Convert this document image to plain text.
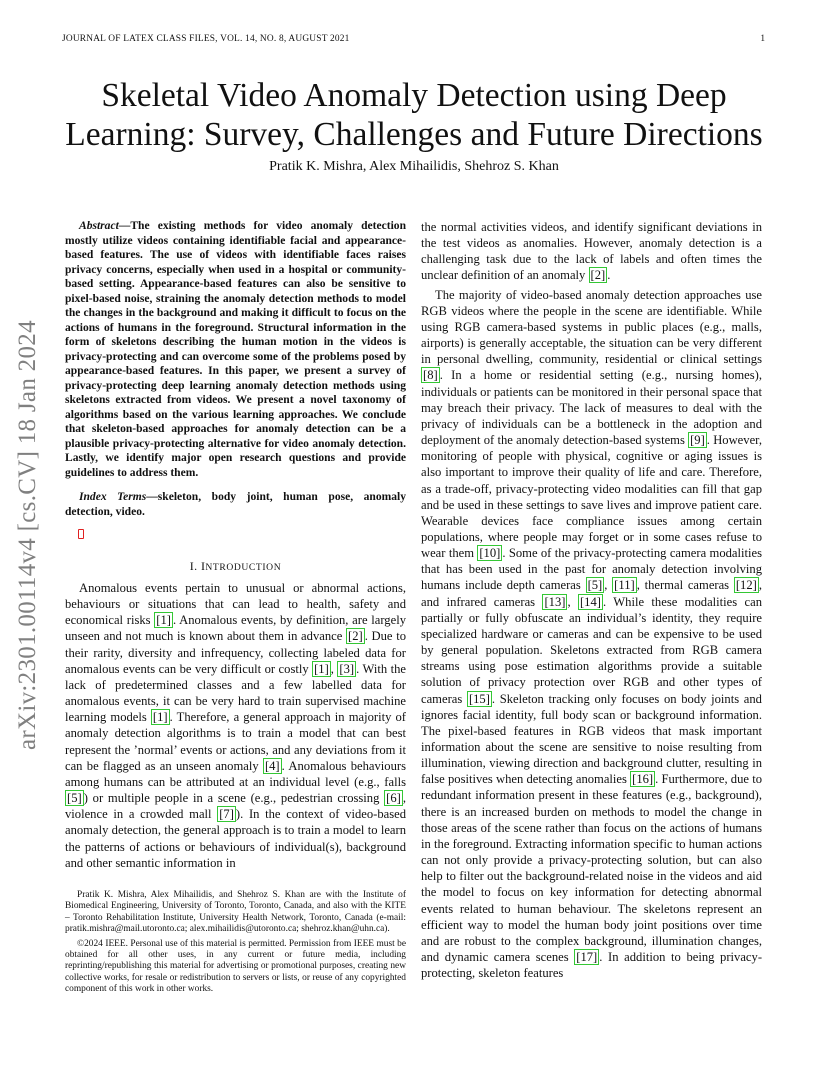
JOURNAL OF LATEX CLASS FILES, VOL. 14, NO. 8, AUGUST 2021	1
arXiv:2301.00114v4 [cs.CV] 18 Jan 2024
Skeletal Video Anomaly Detection using Deep
Learning: Survey, Challenges and Future Directions
Pratik K. Mishra, Alex Mihailidis, Shehroz S. Khan

Abstract—The existing methods for video anomaly detection mostly utilize videos containing identifiable facial and appearance-based features. The use of videos with identifiable faces raises privacy concerns, especially when used in a hospital or community-based setting. Appearance-based features can also be sensitive to pixel-based noise, straining the anomaly detection methods to model the changes in the background and making it difficult to focus on the actions of humans in the foreground. Structural information in the form of skeletons describing the human motion in the videos is privacy-protecting and can overcome some of the problems posed by appearance-based features. In this paper, we present a survey of privacy-protecting deep learning anomaly detection methods using skeletons extracted from videos. We present a novel taxonomy of algorithms based on the various learning approaches. We conclude that skeleton-based approaches for anomaly detection can be a plausible privacy-protecting alternative for video anomaly detection. Lastly, we identify major open research questions and provide guidelines to address them.

Index Terms—skeleton, body joint, human pose, anomaly detection, video.

I. INTRODUCTION

Anomalous events pertain to unusual or abnormal actions, behaviours or situations that can lead to health, safety and economical risks [1] . Anomalous events, by definition, are largely unseen and not much is known about them in advance [2] . Due to their rarity, diversity and infrequency, collecting labeled data for anomalous events can be very difficult or costly [1] , [3] . With the lack of predetermined classes and a few labelled data for anomalous events, it can be very hard to train supervised machine learning models [1] . Therefore, a general approach in majority of anomaly detection algorithms is to train a model that can best represent the ’normal’ events or actions, and any deviations from it can be flagged as an unseen anomaly [4] . Anomalous behaviours among humans can be attributed at an individual level (e.g., falls [5] ) or multiple people in a scene (e.g., pedestrian crossing [6] , violence in a crowded mall [7] ). In the context of video-based anomaly detection, the general approach is to train a model to learn the patterns of actions or behaviours of individual(s), background and other semantic information in

the normal activities videos, and identify significant deviations in the test videos as anomalies. However, anomaly detection is a challenging task due to the lack of labels and often times the unclear definition of an anomaly [2] .

The majority of video-based anomaly detection approaches use RGB videos where the people in the scene are identifiable. While using RGB camera-based systems in public places (e.g., malls, airports) is generally acceptable, the situation can be very different in personal dwelling, community, residential or clinical settings [8] . In a home or residential setting (e.g., nursing homes), individuals or patients can be monitored in their personal space that may breach their privacy. The lack of measures to deal with the privacy of individuals can be a bottleneck in the adoption and deployment of the anomaly detection-based systems [9] . However, monitoring of people with physical, cognitive or aging issues is also important to improve their quality of life and care. Therefore, as a trade-off, privacy-protecting video modalities can fill that gap and be used in these settings to save lives and improve patient care. Wearable devices face compliance issues among certain populations, where people may forget or in some cases refuse to wear them [10] . Some of the privacy-protecting camera modalities that has been used in the past for anomaly detection involving humans include depth cameras [5] , [11] , thermal cameras [12] , and infrared cameras [13] , [14] . While these modalities can partially or fully obfuscate an individual’s identity, they require specialized hardware or cameras and can be expensive to be used by general population. Skeletons extracted from RGB camera streams using pose estimation algorithms provide a suitable solution of privacy protection over RGB and other types of cameras [15] . Skeleton tracking only focuses on body joints and ignores facial identity, full body scan or background information. The pixel-based features in RGB videos that mask important information about the scene are sensitive to noise resulting from illumination, viewing direction and background clutter, resulting in false positives when detecting anomalies [16] . Furthermore, due to redundant information present in these features (e.g., background), there is an increased burden on methods to model the change in those areas of the scene rather than focus on the actions of humans in the foreground. Extracting information specific to human actions can not only provide a privacy-protecting solution, but can also help to filter out the background-related noise in the videos and aid the model to focus on key information for detecting abnormal events related to human behaviour. The skeletons represent an efficient way to model the human body joint positions over time and are robust to the complex background, illumination changes, and dynamic camera scenes [17] . In addition to being privacy-protecting, skeleton features

Pratik K. Mishra, Alex Mihailidis, and Shehroz S. Khan are with the Institute of Biomedical Engineering, University of Toronto, Toronto, Canada, and also with the KITE – Toronto Rehabilitation Institute, University Health Network, Toronto, Canada (e-mail: pratik.mishra@mail.utoronto.ca; alex.mihailidis@utoronto.ca; shehroz.khan@uhn.ca).

©2024 IEEE. Personal use of this material is permitted. Permission from IEEE must be obtained for all other uses, in any current or future media, including reprinting/republishing this material for advertising or promotional purposes, creating new collective works, for resale or redistribution to servers or lists, or reuse of any copyrighted component of this work in other works.
